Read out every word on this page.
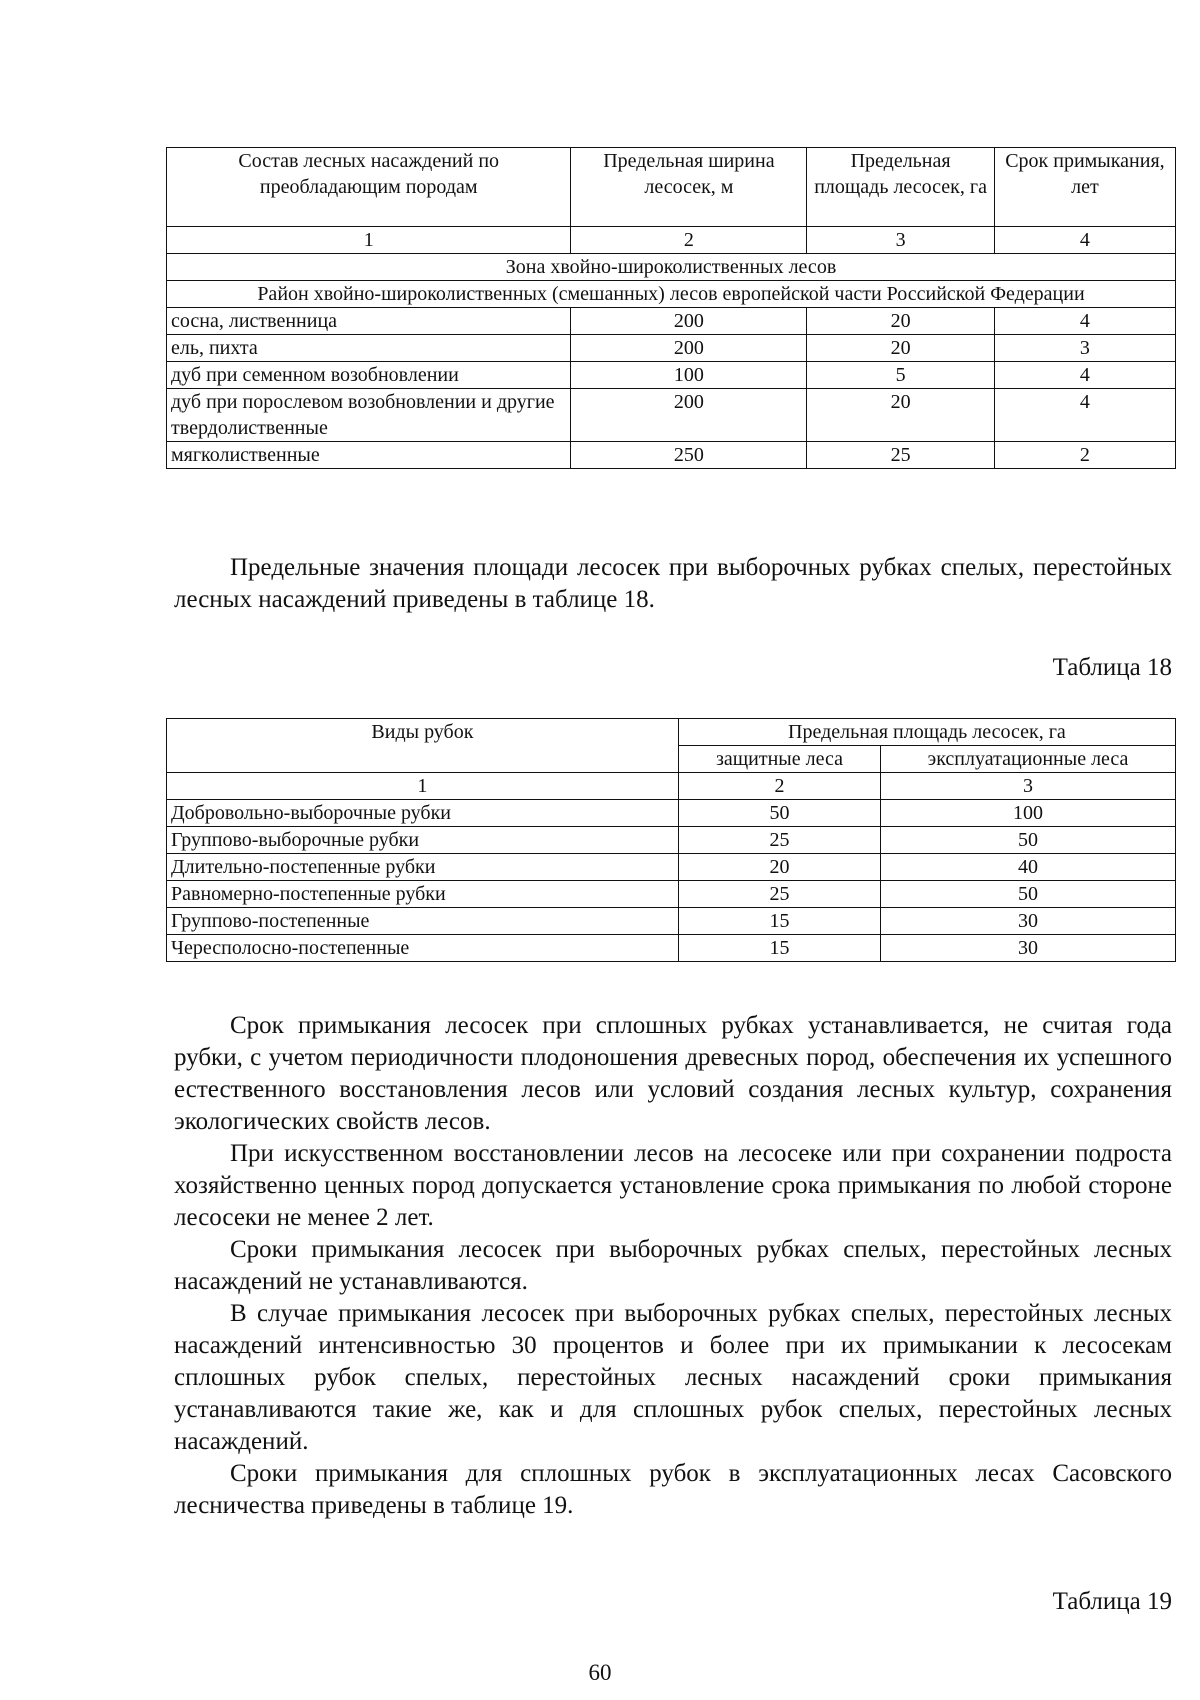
Состав лесных насаждений по преобладающим породам	Предельная ширина лесосек, м	Предельная площадь лесосек, га	Срок примыкания, лет
1	2	3	4
Зона хвойно-широколиственных лесов			
Район хвойно-широколиственных (смешанных) лесов европейской части Российской Федерации			
сосна, лиственница	200	20	4
ель, пихта	200	20	3
дуб при семенном возобновлении	100	5	4
дуб при порослевом возобновлении и другие твердолиственные	200	20	4
мягколиственные	250	25	2

Предельные значения площади лесосек при выборочных рубках спелых, перестойных лесных насаждений приведены в таблице 18.

Таблица 18
Виды рубок	Предельная площадь лесосек, га	
	защитные леса	эксплуатационные леса
1	2	3
Добровольно-выборочные рубки	50	100
Группово-выборочные рубки	25	50
Длительно-постепенные рубки	20	40
Равномерно-постепенные рубки	25	50
Группово-постепенные	15	30
Чересполосно-постепенные	15	30

Срок примыкания лесосек при сплошных рубках устанавливается, не считая года рубки, с учетом периодичности плодоношения древесных пород, обеспечения их успешного естественного восстановления лесов или условий создания лесных культур, сохранения экологических свойств лесов.

При искусственном восстановлении лесов на лесосеке или при сохранении подроста хозяйственно ценных пород допускается установление срока примыкания по любой стороне лесосеки не менее 2 лет.

Сроки примыкания лесосек при выборочных рубках спелых, перестойных лесных насаждений не устанавливаются.

В случае примыкания лесосек при выборочных рубках спелых, перестойных лесных насаждений интенсивностью 30 процентов и более при их примыкании к лесосекам сплошных рубок спелых, перестойных лесных насаждений сроки примыкания устанавливаются такие же, как и для сплошных рубок спелых, перестойных лесных насаждений.

Сроки примыкания для сплошных рубок в эксплуатационных лесах Сасовского лесничества приведены в таблице 19.

Таблица 19
60
